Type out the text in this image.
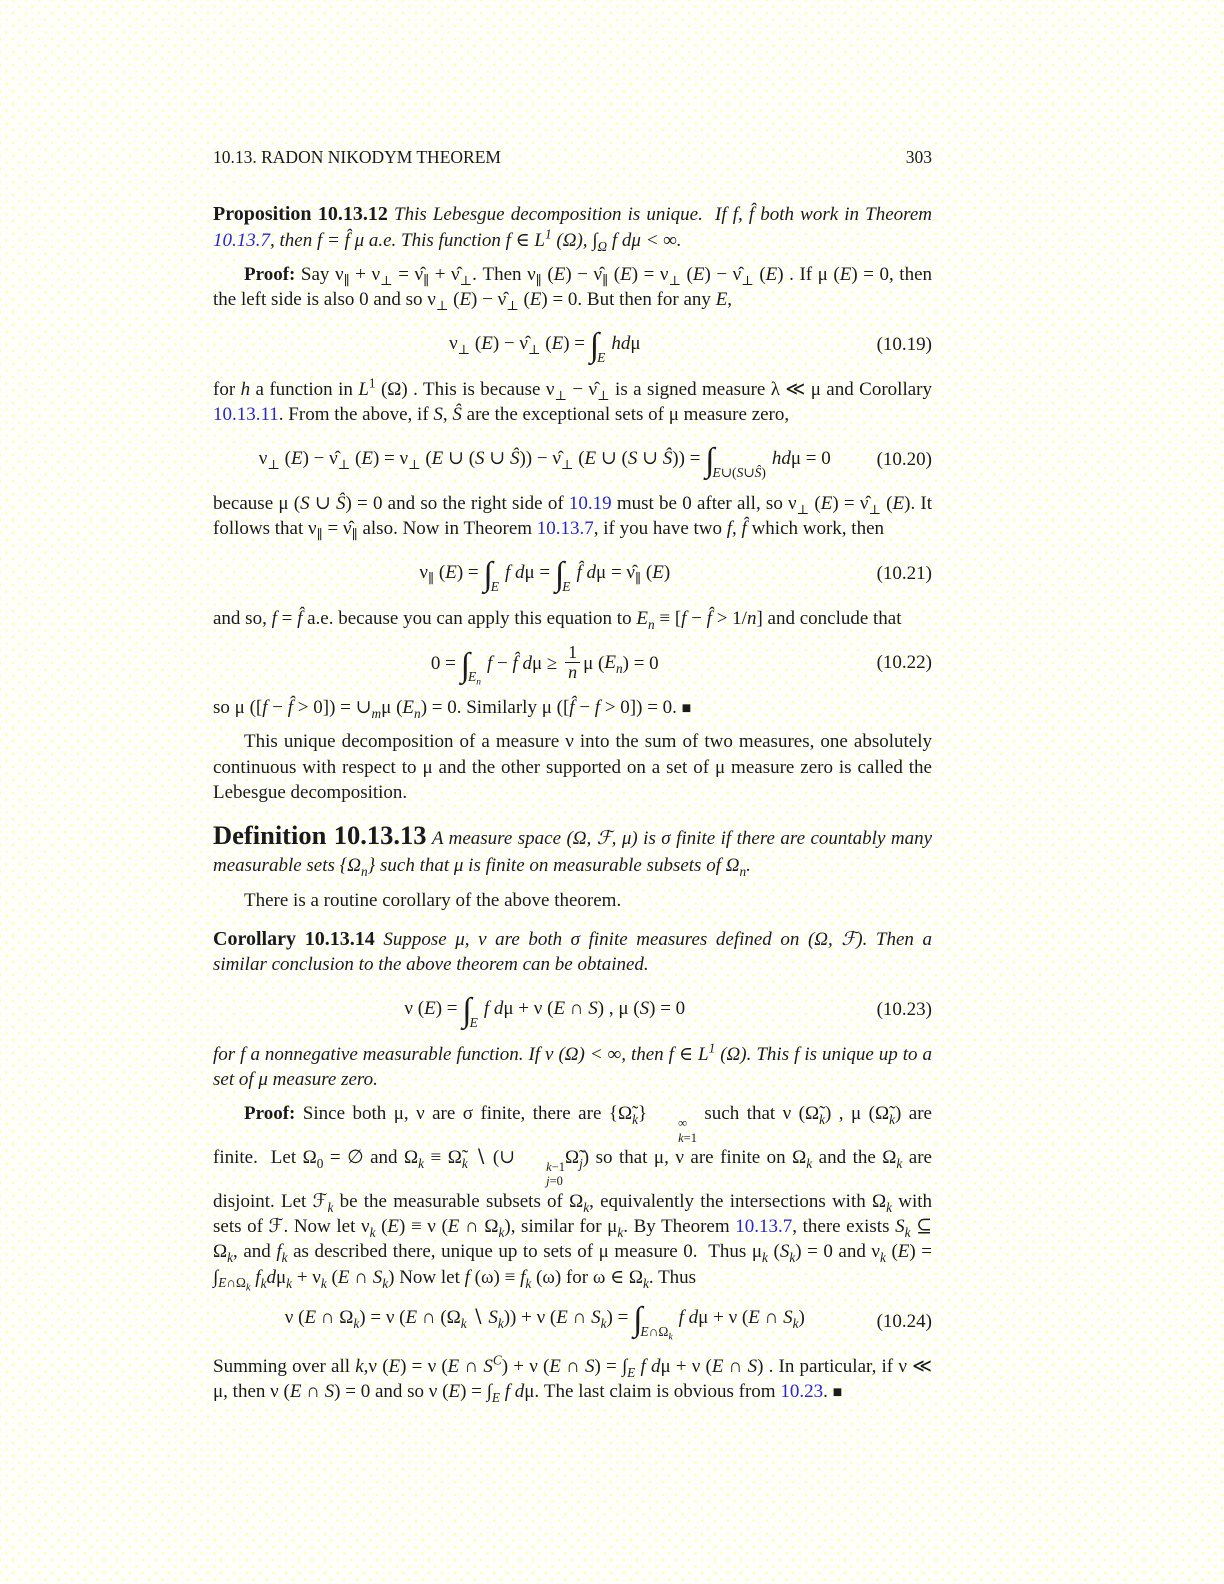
10.13. RADON NIKODYM THEOREM	303

Proposition 10.13.12 This Lebesgue decomposition is unique.  If f, f̂ both work in Theorem 10.13.7, then f = f̂ μ a.e. This function f ∈ $L^1$ (Ω), $\int_\Omega$ f dμ < ∞.

Proof: Say $\nu_\parallel + \nu_\perp$ = $\nû_\parallel$ + $\nû_\perp$. Then $\nu_\parallel$ $(E) - \nû_\parallel$ $(E) = \nu_\perp$ $(E) - \nû_\perp$ (E) . If μ (E) = 0, then the left side is also 0 and so $\nu_\perp$ $(E) - \nû_\perp$ (E) = 0. But then for any E,

$\nu_\perp$ $(E) - \nû_\perp$ (E) = ∫Ehdμ	(10.19)

for h a function in $L^1$ (Ω) . This is because $\nu_\perp$ − $\nû_\perp$ is a signed measure λ ≪ μ and Corollary 10.13.11. From the above, if S, Ŝ are the exceptional sets of μ measure zero,

$\nu_\perp$ $(E) - \nû_\perp$ $(E) = \nu_\perp$ (E ∪ (S ∪ Ŝ)) − $\nû_\perp$ (E ∪ (S ∪ Ŝ)) = ∫E∪(S∪Ŝ)hdμ = 0	(10.20)

because μ (S ∪ Ŝ) = 0 and so the right side of 10.19 must be 0 after all, so $\nu_\perp$ $(E) = \nû_\perp$ (E). It follows that $\nu_\parallel$ = $\nû_\parallel$ also. Now in Theorem 10.13.7, if you have two f, f̂ which work, then

$\nu_\parallel$ (E) = ∫Ef dμ = ∫Ef̂ $d\mu = \nû_\parallel$ (E)	(10.21)

and so, f = f̂ a.e. because you can apply this equation to $E_n \equiv [f$ − f̂ > 1/n] and conclude that

$0 = \int E_nf$ − f̂ $d\mu \ge \frac{1}{n}$ μ $(E_n) = 0$	(10.22)

so μ ([f − f̂ > $0]) = \cup_m\mu$ $(E_n) = 0$. Similarly μ ([f̂ − f > 0]) = 0. ■

This unique decomposition of a measure ν into the sum of two measures, one absolutely continuous with respect to μ and the other supported on a set of μ measure zero is called the Lebesgue decomposition.

Definition 10.13.13 A measure space (Ω, ℱ, μ) is σ finite if there are countably many measurable sets $\{\Omega_n\}$ such that μ is finite on measurable subsets of $\Omega_n$.

There is a routine corollary of the above theorem.

Corollary 10.13.14 Suppose μ, ν are both σ finite measures defined on (Ω, ℱ). Then a similar conclusion to the above theorem can be obtained.

ν (E) = ∫Ef dμ + ν (E ∩ S) , μ (S) = 0	(10.23)

for f a nonnegative measurable function. If ν (Ω) < ∞, then f ∈ $L^1$ (Ω). This f is unique up to a set of μ measure zero.

Proof: Since both μ, ν are σ finite, there are $\{\Omegã_k\}$	∞
k=1
such that ν $(\Omegã_k)$ , μ $(\Omegã_k)$ are finite.  Let $\Omega_0$ = ∅ and $\Omega_k$ ≡ $\Omegã_k$ ∖ (∪	k−1
j=0
$\Omegã_j$) so that μ, ν are finite on $\Omega_k$ and the $\Omega_k$ are disjoint. Let ℱ$_k$ be the measurable subsets of $\Omega_k$, equivalently the intersections with $\Omega_k$ with sets of ℱ. Now let $\nu_k$ (E) ≡ ν (E ∩ $\Omega_k$), similar for $\mu_k$. By Theorem 10.13.7, there exists $S_k$ ⊆ $\Omega_k$, and $f_k$ as described there, unique up to sets of μ measure 0.  Thus $\mu_k$ $(S_k) = 0$ and $\nu_k$ $(E) = \int_{E\cap\Omega_k}$ $f_kd\mu_k + \nu_k$ (E ∩ $S_k$) Now let f $(\omega) \equiv f_k$ (ω) for ω ∈ $\Omega_k$. Thus

ν (E ∩ $\Omega_k) = \nu$ (E ∩ ($\Omega_k$ ∖ $S_k)) + \nu$ (E ∩ $S_k$) = $\int E\cap\Omega_kf$ dμ + ν (E ∩ $S_k$)	(10.24)

Summing over all k,ν (E) = ν (E ∩ $S^C) + \nu$ (E ∩ $S) = \int_E$ f dμ + ν (E ∩ S) . In particular, if ν ≪ μ, then ν (E ∩ S) = 0 and so ν $(E) = \int_E$ f dμ. The last claim is obvious from 10.23. ■
